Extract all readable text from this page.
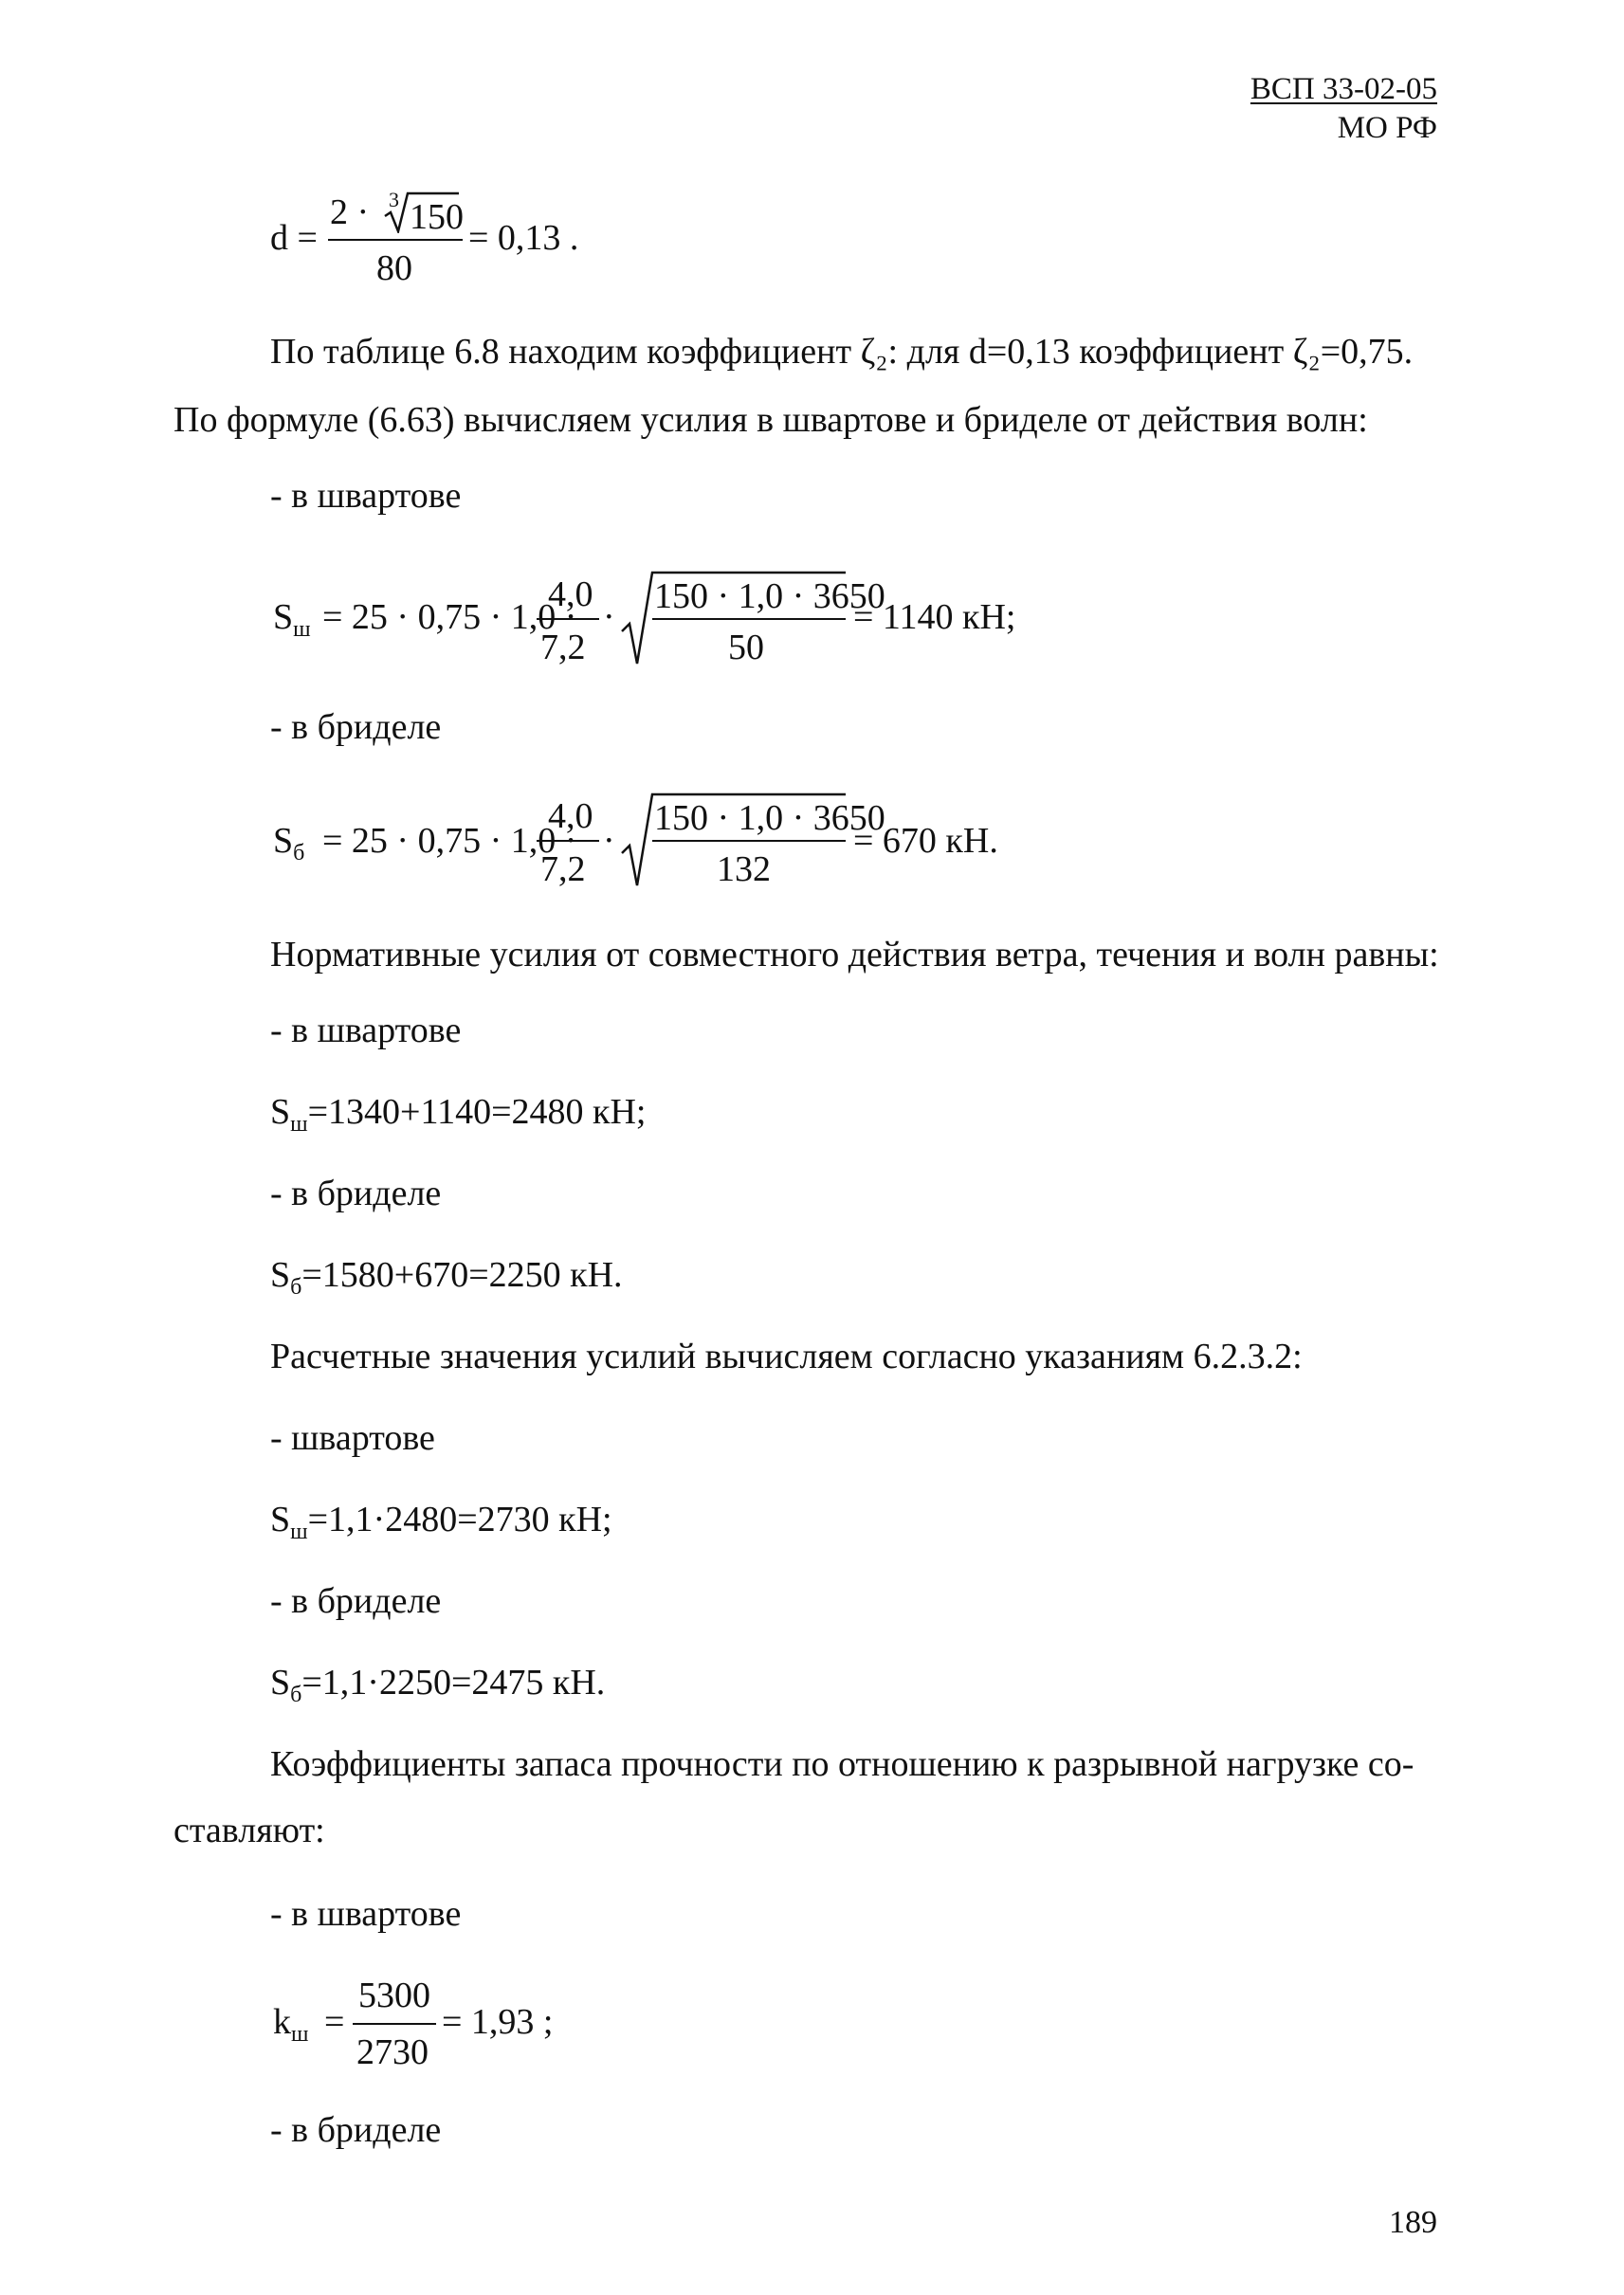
ВСП 33-02-05
МО РФ
d =
2 · 3 150
80
= 0,13 .
По таблице 6.8 находим коэффициент ζ₂: для d=0,13 коэффициент ζ₂=0,75.
По формуле (6.63) вычисляем усилия в швартове и бриделе от действия волн:
- в швартове
$S_ш = 25 \cdot 0,75 \cdot 1,0$ ·
4,0
7,2
·
150 · 1,0 · 3650
50
= 1140 кН;
- в бриделе
$S_б = 25 \cdot 0,75 \cdot 1,0$ ·
4,0
7,2
·
150 · 1,0 · 3650
132
= 670 кН.
Нормативные усилия от совместного действия ветра, течения и волн равны:
- в швартове
$S_ш=1340+1140=2480$ кН;
- в бриделе
$S_б=1580+670=2250$ кН.
Расчетные значения усилий вычисляем согласно указаниям 6.2.3.2:
- швартове
$S_ш=1,1\cdot 2480=2730$ кН;
- в бриделе
$S_б=1,1\cdot 2250=2475$ кН.
Коэффициенты запаса прочности по отношению к разрывной нагрузке со-
ставляют:
- в швартове
$k_ш$ =
5300
2730
= 1,93 ;
- в бриделе
189
